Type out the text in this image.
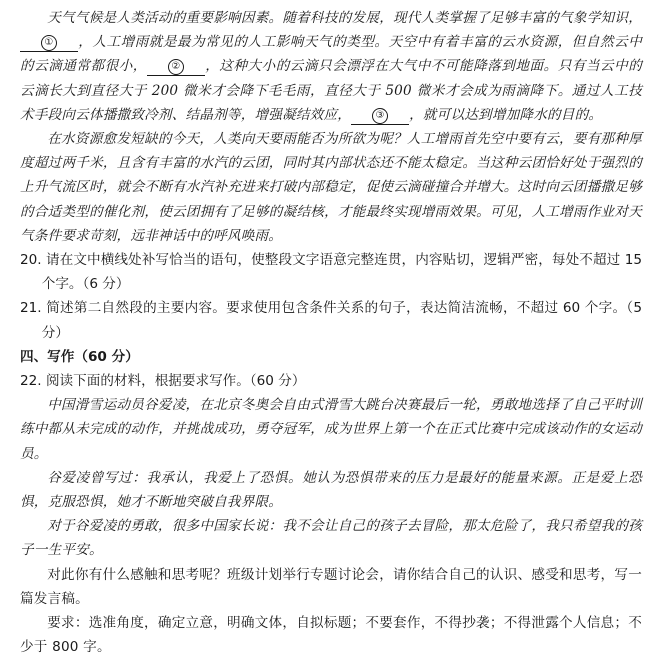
天气气候是人类活动的重要影响因素。随着科技的发展，现代人类掌握了足够丰富的气象学知识，① ，人工增雨就是最为常见的人工影响天气的类型。天空中有着丰富的云水资源，但自然云中的云滴通常都很小， ② ，这种大小的云滴只会漂浮在大气中不可能降落到地面。只有当云中的云滴长大到直径大于 200 微米才会降下毛毛雨，直径大于 500 微米才会成为雨滴降下。通过人工技术手段向云体播撒致冷剂、结晶剂等，增强凝结效应， ③ ，就可以达到增加降水的目的。

在水资源愈发短缺的今天，人类向天要雨能否为所欲为呢？人工增雨首先空中要有云，要有那种厚度超过两千米，且含有丰富的水汽的云团，同时其内部状态还不能太稳定。当这种云团恰好处于强烈的上升气流区时，就会不断有水汽补充进来打破内部稳定，促使云滴碰撞合并增大。这时向云团播撒足够的合适类型的催化剂，使云团拥有了足够的凝结核，才能最终实现增雨效果。可见，人工增雨作业对天气条件要求苛刻，远非神话中的呼风唤雨。

20. 请在文中横线处补写恰当的语句，使整段文字语意完整连贯，内容贴切，逻辑严密，每处不超过 15 个字。（6 分）

21. 简述第二自然段的主要内容。要求使用包含条件关系的句子，表达简洁流畅，不超过 60 个字。（5 分）

四、写作（60 分）

22. 阅读下面的材料，根据要求写作。（60 分）

中国滑雪运动员谷爱凌，在北京冬奥会自由式滑雪大跳台决赛最后一轮，勇敢地选择了自己平时训练中都从未完成的动作，并挑战成功，勇夺冠军，成为世界上第一个在正式比赛中完成该动作的女运动员。

谷爱凌曾写过：我承认，我爱上了恐惧。她认为恐惧带来的压力是最好的能量来源。正是爱上恐惧，克服恐惧，她才不断地突破自我界限。

对于谷爱凌的勇敢，很多中国家长说：我不会让自己的孩子去冒险，那太危险了，我只希望我的孩子一生平安。

对此你有什么感触和思考呢？班级计划举行专题讨论会，请你结合自己的认识、感受和思考，写一篇发言稿。

要求：选准角度，确定立意，明确文体，自拟标题；不要套作，不得抄袭；不得泄露个人信息；不少于 800 字。
